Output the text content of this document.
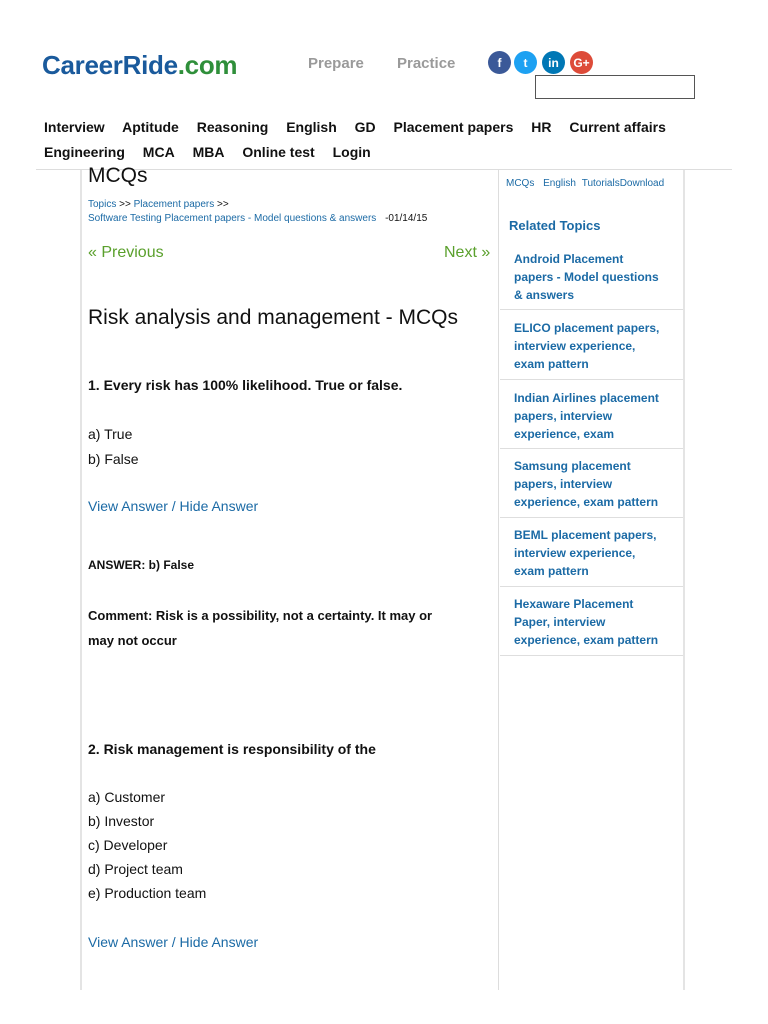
CareerRide.com	Prepare Practice	f	t	in	G+
Interview Aptitude Reasoning English GD Placement papers HR Current affairs
Engineering MCA MBA Online test Login
MCQs
Topics >> Placement papers >>
Software Testing Placement papers - Model questions & answers -01/14/15
« Previous	Next »
Risk analysis and management - MCQs
1. Every risk has 100% likelihood. True or false.
a) True
b) False
View Answer / Hide Answer
ANSWER: b) False
Comment: Risk is a possibility, not a certainty. It may or
may not occur
2. Risk management is responsibility of the
a) Customer
b) Investor
c) Developer
d) Project team
e) Production team
View Answer / Hide Answer
MCQs English TutorialsDownload
Related Topics
Android Placement
papers - Model questions
& answers
ELICO placement papers,
interview experience,
exam pattern
Indian Airlines placement
papers, interview
experience, exam
Samsung placement
papers, interview
experience, exam pattern
BEML placement papers,
interview experience,
exam pattern
Hexaware Placement
Paper, interview
experience, exam pattern
